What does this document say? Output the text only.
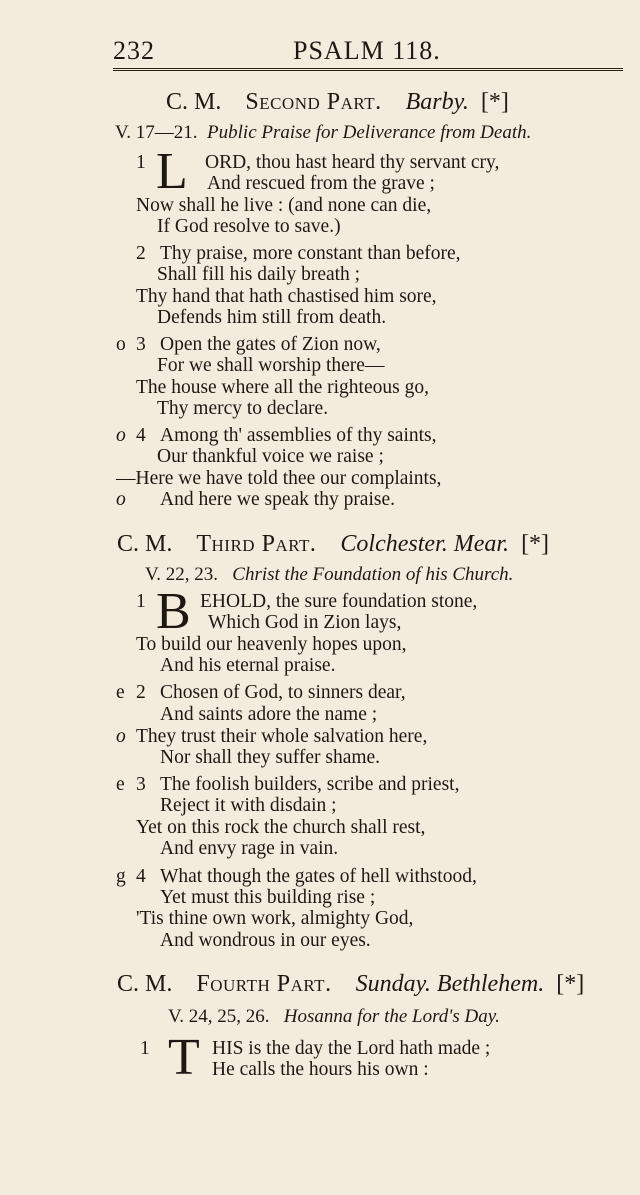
232	PSALM 118.
C. M. Second Part. Barby. [*]
V. 17—21. Public Praise for Deliverance from Death.
1 L ORD, thou hast heard thy servant cry,
And rescued from the grave ;
Now shall he live : (and none can die,
If God resolve to save.)
2 Thy praise, more constant than before,
Shall fill his daily breath ;
Thy hand that hath chastised him sore,
Defends him still from death.
o 3 Open the gates of Zion now,
For we shall worship there—
The house where all the righteous go,
Thy mercy to declare.
o 4 Among th' assemblies of thy saints,
Our thankful voice we raise ;
—Here we have told thee our complaints,
o And here we speak thy praise.
C. M. Third Part. Colchester. Mear. [*]
V. 22, 23. Christ the Foundation of his Church.
1 B EHOLD, the sure foundation stone,
Which God in Zion lays,
To build our heavenly hopes upon,
And his eternal praise.
e 2 Chosen of God, to sinners dear,
And saints adore the name ;
o They trust their whole salvation here,
Nor shall they suffer shame.
e 3 The foolish builders, scribe and priest,
Reject it with disdain ;
Yet on this rock the church shall rest,
And envy rage in vain.
g 4 What though the gates of hell withstood,
Yet must this building rise ;
'Tis thine own work, almighty God,
And wondrous in our eyes.
C. M. Fourth Part. Sunday. Bethlehem. [*]
V. 24, 25, 26. Hosanna for the Lord's Day.
1 T HIS is the day the Lord hath made ;
He calls the hours his own :
